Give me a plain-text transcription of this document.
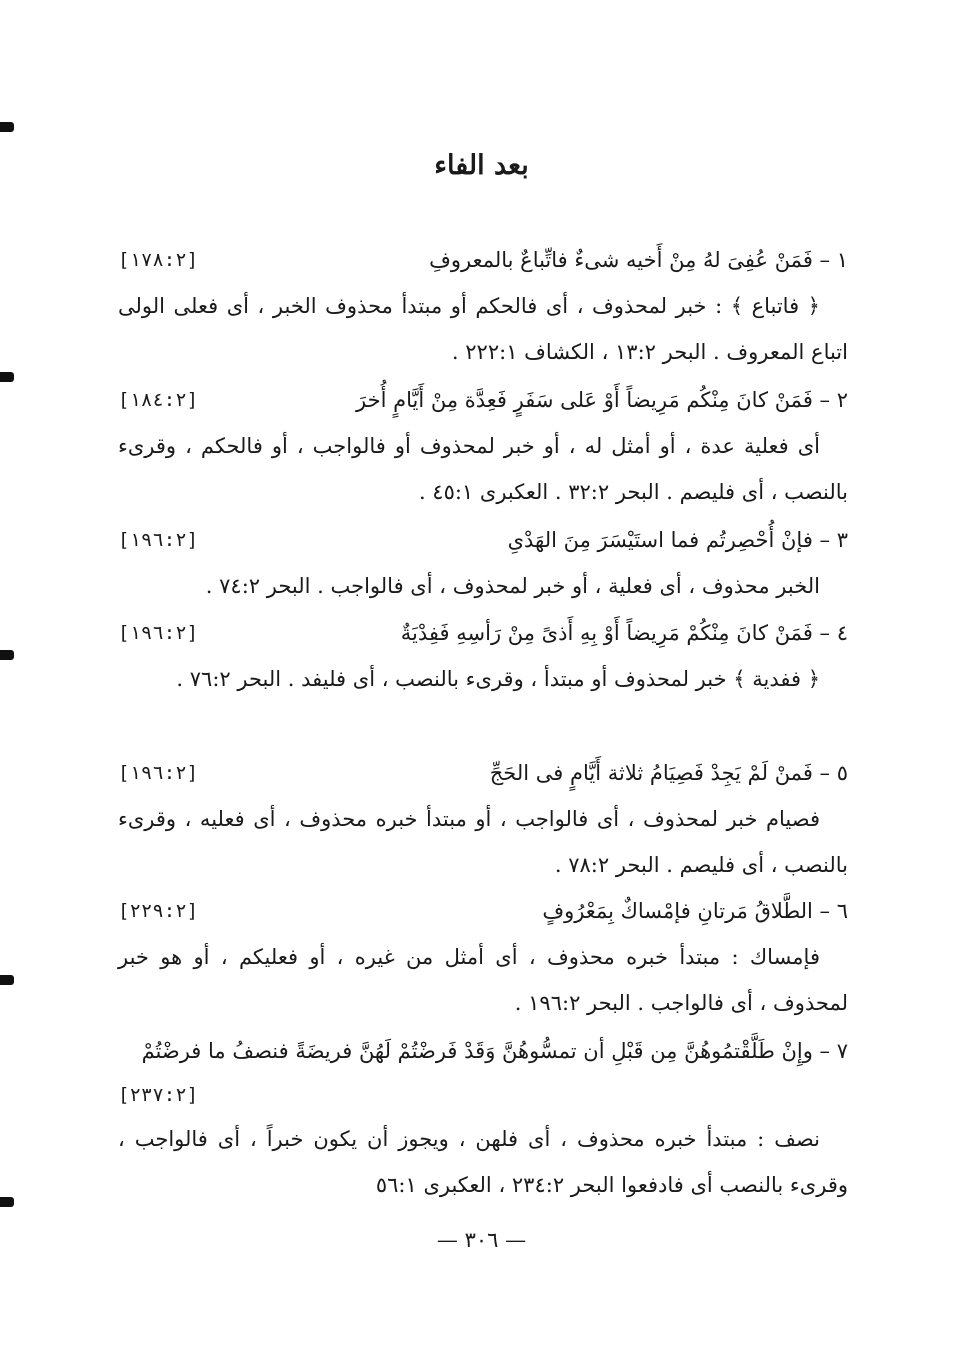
بعد الفاء
١ – فَمَنْ عُفِىَ لهُ مِنْ أَخيه شىءٌ فاتِّباعٌ بالمعروفِ
[١٧٨:٢]
﴿ فاتباع ﴾ : خبر لمحذوف ، أى فالحكم أو مبتدأ محذوف الخبر ، أى فعلى الولى اتباع المعروف . البحر ١٣:٢ ، الكشاف ٢٢٢:١ .
٢ – فَمَنْ كانَ مِنْكُم مَرِيضاً أَوْ عَلى سَفَرٍ فَعِدَّة مِنْ أَيَّامٍ أُخرَ
[١٨٤:٢]
أى فعلية عدة ، أو أمثل له ، أو خبر لمحذوف أو فالواجب ، أو فالحكم ، وقرىء بالنصب ، أى فليصم . البحر ٣٢:٢ . العكبرى ٤٥:١ .
٣ – فإنْ أُحْصِرتُم فما استَيْسَرَ مِنَ الهَدْىِ
[١٩٦:٢]
الخبر محذوف ، أى فعلية ، أو خبر لمحذوف ، أى فالواجب . البحر ٧٤:٢ .
٤ – فَمَنْ كانَ مِنْكُمْ مَرِيضاً أَوْ بِهِ أَذىً مِنْ رَأسِهِ فَفِدْيَةٌ
[١٩٦:٢]
﴿ ففدية ﴾ خبر لمحذوف أو مبتدأ ، وقرىء بالنصب ، أى فليفد . البحر ٧٦:٢ .
٥ – فَمنْ لَمْ يَجِدْ فَصِيَامُ ثلاثة أَيَّامٍ فى الحَجِّ
[١٩٦:٢]
فصيام خبر لمحذوف ، أى فالواجب ، أو مبتدأ خبره محذوف ، أى فعليه ، وقرىء بالنصب ، أى فليصم . البحر ٧٨:٢ .
٦ – الطَّلاقُ مَرتانِ فإمْساكٌ بِمَعْرُوفٍ
[٢٢٩:٢]
فإمساك : مبتدأ خبره محذوف ، أى أمثل من غيره ، أو فعليكم ، أو هو خبر لمحذوف ، أى فالواجب . البحر ١٩٦:٢ .
٧ – وإِنْ طَلَّقْتمُوهُنَّ مِن قَبْلِ أن تمسُّوهُنَّ وَقَدْ فَرضْتُمْ لَهُنَّ فريضَةً فنصفُ ما فرضْتُمْ
[٢٣٧:٢]
نصف : مبتدأ خبره محذوف ، أى فلهن ، ويجوز أن يكون خبراً ، أى فالواجب ، وقرىء بالنصب أى فادفعوا البحر ٢٣٤:٢ ، العكبرى ٥٦:١
— ٣٠٦ —
